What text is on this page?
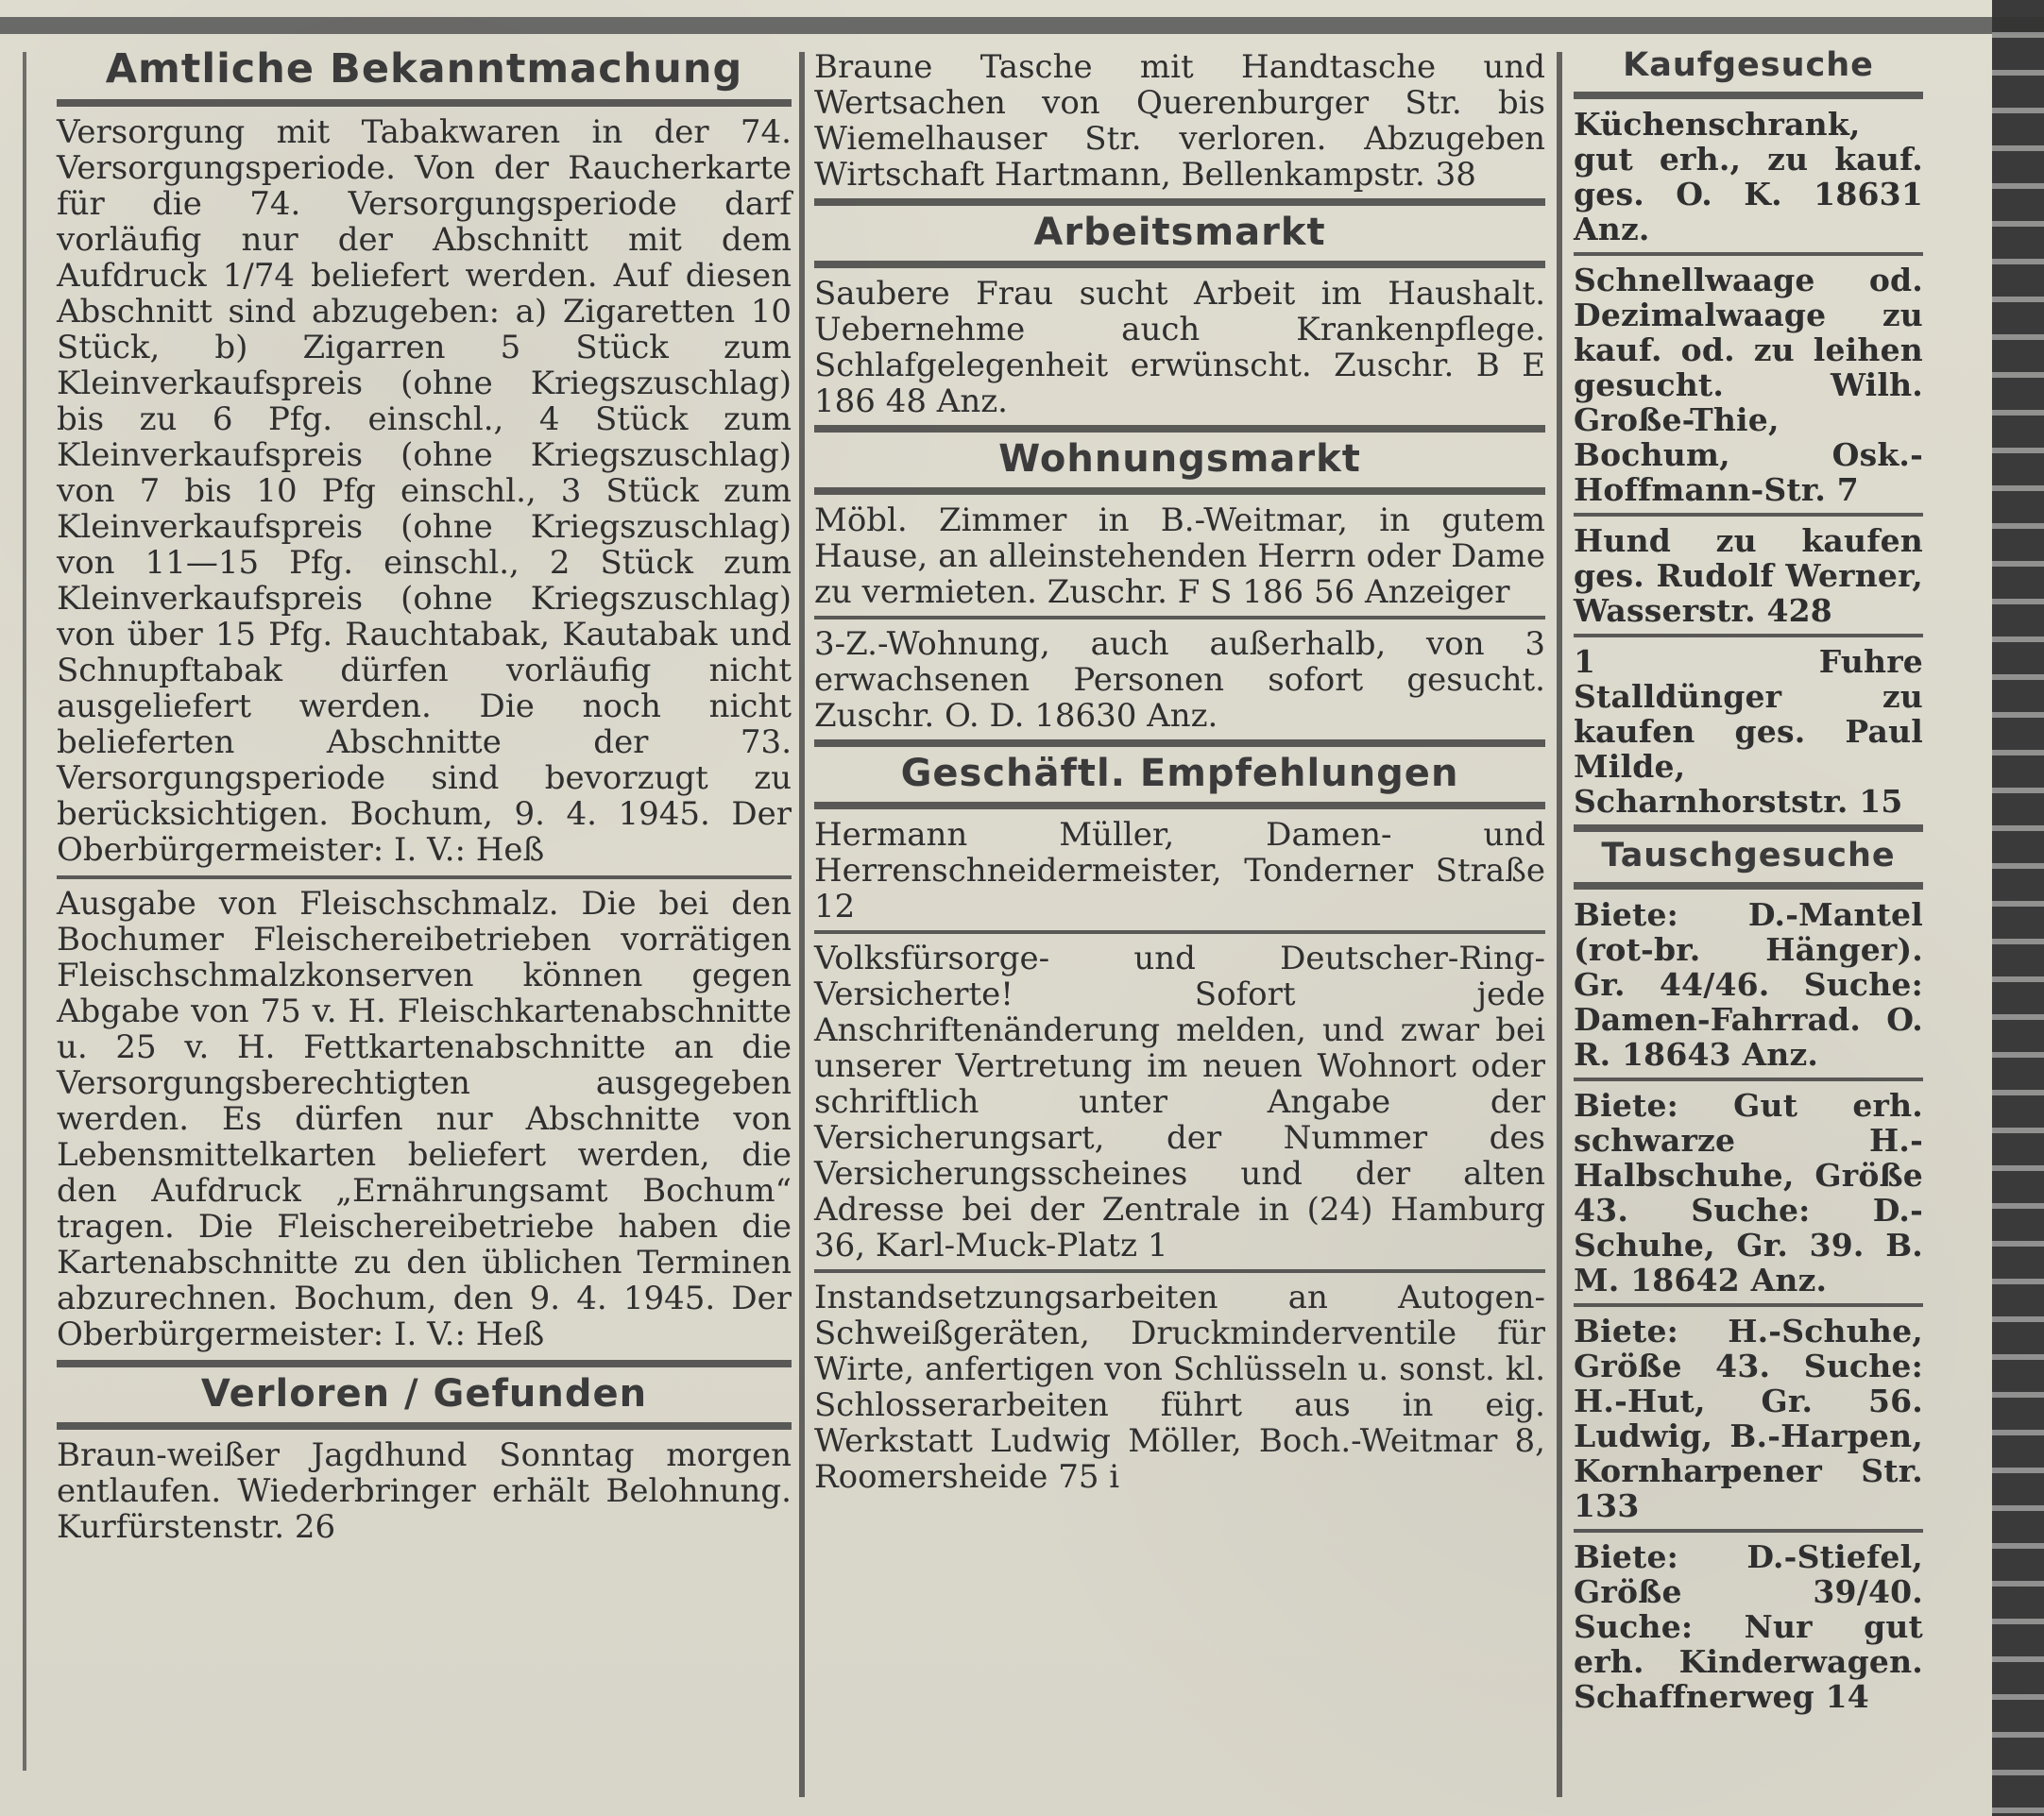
Amtliche Bekanntmachung

Versorgung mit Tabakwaren in der 74. Versorgungsperiode. Von der Raucherkarte für die 74. Versorgungsperiode darf vorläufig nur der Abschnitt mit dem Aufdruck 1/74 beliefert werden. Auf diesen Abschnitt sind abzugeben: a) Zigaretten 10 Stück, b) Zigarren 5 Stück zum Kleinverkaufspreis (ohne Kriegszuschlag) bis zu 6 Pfg. einschl., 4 Stück zum Kleinverkaufspreis (ohne Kriegszuschlag) von 7 bis 10 Pfg einschl., 3 Stück zum Kleinverkaufspreis (ohne Kriegszuschlag) von 11—15 Pfg. einschl., 2 Stück zum Kleinverkaufspreis (ohne Kriegszuschlag) von über 15 Pfg. Rauchtabak, Kautabak und Schnupftabak dürfen vorläufig nicht ausgeliefert werden. Die noch nicht belieferten Abschnitte der 73. Versorgungsperiode sind bevorzugt zu berücksichtigen. Bochum, 9. 4. 1945. Der Oberbürgermeister: I. V.: Heß

Ausgabe von Fleischschmalz. Die bei den Bochumer Fleischereibetrieben vorrätigen Fleischschmalzkonserven können gegen Abgabe von 75 v. H. Fleischkartenabschnitte u. 25 v. H. Fettkartenabschnitte an die Versorgungsberechtigten ausgegeben werden. Es dürfen nur Abschnitte von Lebensmittelkarten beliefert werden, die den Aufdruck „Ernährungsamt Bochum“ tragen. Die Fleischereibetriebe haben die Kartenabschnitte zu den üblichen Terminen abzurechnen. Bochum, den 9. 4. 1945. Der Oberbürgermeister: I. V.: Heß

Verloren / Gefunden

Braun-weißer Jagdhund Sonntag morgen entlaufen. Wiederbringer erhält Belohnung. Kurfürstenstr. 26

Braune Tasche mit Handtasche und Wertsachen von Querenburger Str. bis Wiemelhauser Str. verloren. Abzugeben Wirtschaft Hartmann, Bellenkampstr. 38

Arbeitsmarkt

Saubere Frau sucht Arbeit im Haushalt. Uebernehme auch Krankenpflege. Schlafgelegenheit erwünscht. Zuschr. B E 186 48 Anz.

Wohnungsmarkt

Möbl. Zimmer in B.-Weitmar, in gutem Hause, an alleinstehenden Herrn oder Dame zu vermieten. Zuschr. F S 186 56 Anzeiger

3-Z.-Wohnung, auch außerhalb, von 3 erwachsenen Personen sofort gesucht. Zuschr. O. D. 18630 Anz.

Geschäftl. Empfehlungen

Hermann Müller, Damen- und Herrenschneidermeister, Tonderner Straße 12

Volksfürsorge- und Deutscher-Ring-Versicherte! Sofort jede Anschriftenänderung melden, und zwar bei unserer Vertretung im neuen Wohnort oder schriftlich unter Angabe der Versicherungsart, der Nummer des Versicherungsscheines und der alten Adresse bei der Zentrale in (24) Hamburg 36, Karl-Muck-Platz 1

Instandsetzungsarbeiten an Autogen-Schweißgeräten, Druckminderventile für Wirte, anfertigen von Schlüsseln u. sonst. kl. Schlosserarbeiten führt aus in eig. Werkstatt Ludwig Möller, Boch.-Weitmar 8, Roomersheide 75 i

Kaufgesuche

Küchenschrank, gut erh., zu kauf. ges. O. K. 18631 Anz.

Schnellwaage od. Dezimalwaage zu kauf. od. zu leihen gesucht. Wilh. Große-Thie, Bochum, Osk.-Hoffmann-Str. 7

Hund zu kaufen ges. Rudolf Werner, Wasserstr. 428

1 Fuhre Stalldünger zu kaufen ges. Paul Milde, Scharnhorststr. 15

Tauschgesuche

Biete: D.-Mantel (rot-br. Hänger). Gr. 44/46. Suche: Damen-Fahrrad. O. R. 18643 Anz.

Biete: Gut erh. schwarze H.-Halbschuhe, Größe 43. Suche: D.-Schuhe, Gr. 39. B. M. 18642 Anz.

Biete: H.-Schuhe, Größe 43. Suche: H.-Hut, Gr. 56. Ludwig, B.-Harpen, Kornharpener Str. 133

Biete: D.-Stiefel, Größe 39/40. Suche: Nur gut erh. Kinderwagen. Schaffnerweg 14
